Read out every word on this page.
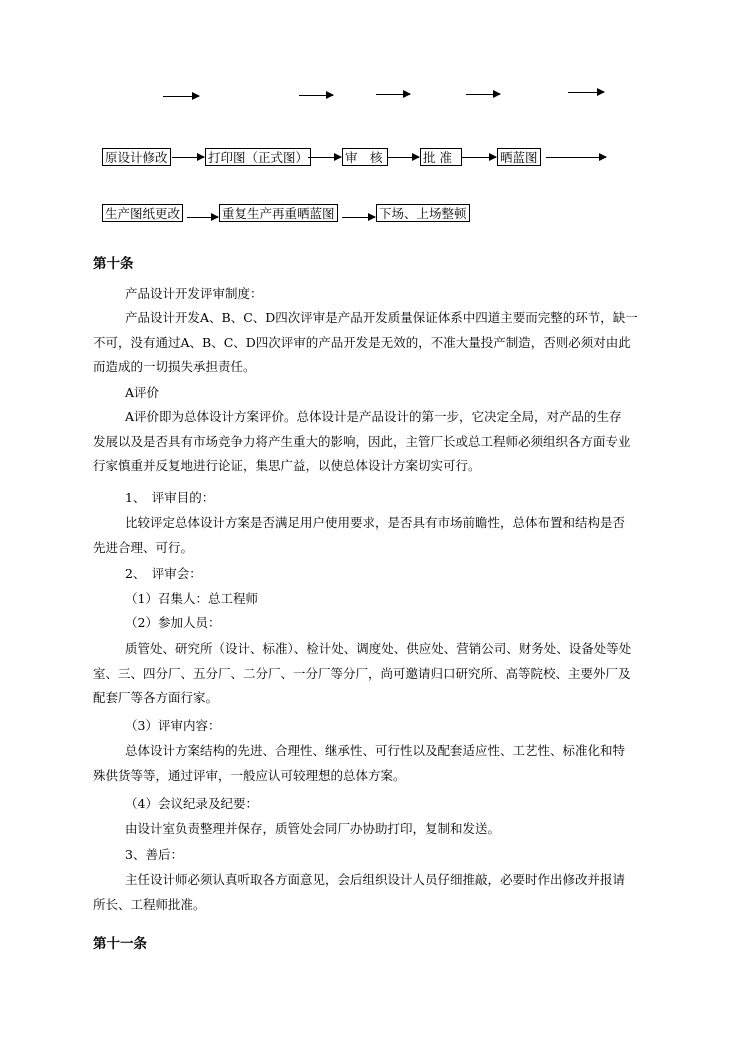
原设计修改	打印图（正式图）	审　核	批 准	晒蓝图
生产图纸更改	重复生产再重晒蓝图	下场、上场整顿
第十条
产品设计开发评审制度：
产品设计开发A、B、C、D四次评审是产品开发质量保证体系中四道主要而完整的环节，缺一
不可，没有通过A、B、C、D四次评审的产品开发是无效的，不准大量投产制造，否则必须对由此
而造成的一切损失承担责任。
A评价
A评价即为总体设计方案评价。总体设计是产品设计的第一步，它决定全局，对产品的生存
发展以及是否具有市场竞争力将产生重大的影响，因此，主管厂长或总工程师必须组织各方面专业
行家慎重并反复地进行论证，集思广益，以使总体设计方案切实可行。
1、　评审目的：
比较评定总体设计方案是否满足用户使用要求，是否具有市场前瞻性，总体布置和结构是否
先进合理、可行。
2、　评审会：
（1）召集人：总工程师
（2）参加人员：
质管处、研究所（设计、标准）、检计处、调度处、供应处、营销公司、财务处、设备处等处
室、三、四分厂、五分厂、二分厂、一分厂等分厂，尚可邀请归口研究所、高等院校、主要外厂及
配套厂等各方面行家。
（3）评审内容：
总体设计方案结构的先进、合理性、继承性、可行性以及配套适应性、工艺性、标准化和特
殊供货等等，通过评审，一般应认可较理想的总体方案。
（4）会议纪录及纪要：
由设计室负责整理并保存，质管处会同厂办协助打印，复制和发送。
3、善后：
主任设计师必须认真听取各方面意见，会后组织设计人员仔细推敲，必要时作出修改并报请
所长、工程师批准。
第十一条
